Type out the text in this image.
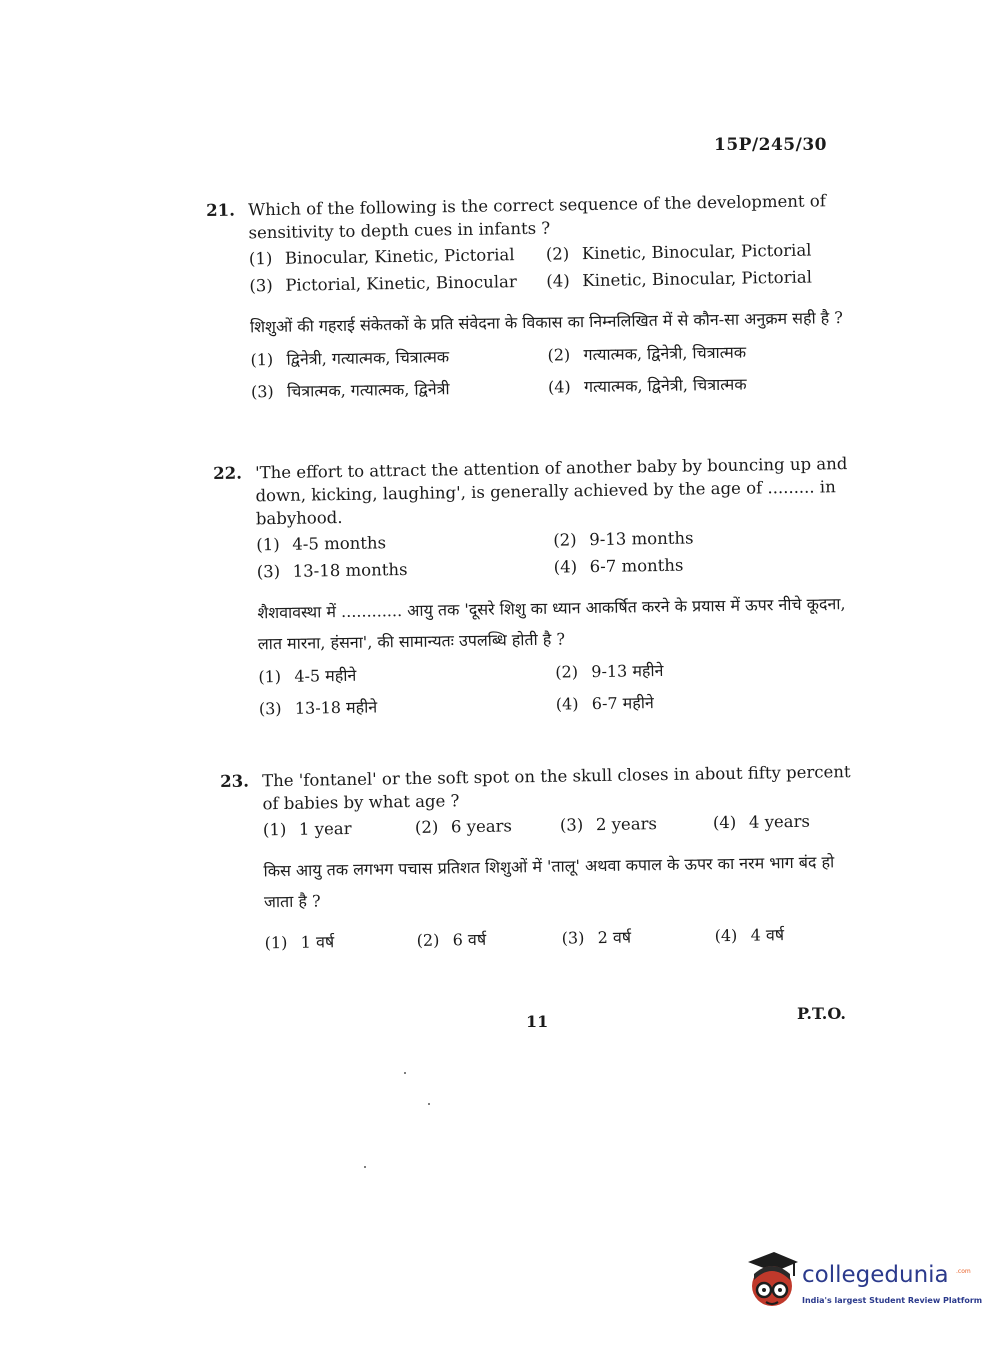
15P/245/30
21. Which of the following is the correct sequence of the development of sensitivity to depth cues in infants ?
(1) Binocular, Kinetic, Pictorial	(2) Kinetic, Binocular, Pictorial
(3) Pictorial, Kinetic, Binocular	(4) Kinetic, Binocular, Pictorial
शिशुओं की गहराई संकेतकों के प्रति संवेदना के विकास का निम्नलिखित में से कौन-सा अनुक्रम सही है ?
(1) द्विनेत्री, गत्यात्मक, चित्रात्मक	(2) गत्यात्मक, द्विनेत्री, चित्रात्मक
(3) चित्रात्मक, गत्यात्मक, द्विनेत्री	(4) गत्यात्मक, द्विनेत्री, चित्रात्मक
22. 'The effort to attract the attention of another baby by bouncing up and down, kicking, laughing', is generally achieved by the age of ......... in babyhood.
(1) 4-5 months	(2) 9-13 months
(3) 13-18 months	(4) 6-7 months
शैशवावस्था में ............ आयु तक 'दूसरे शिशु का ध्यान आकर्षित करने के प्रयास में ऊपर नीचे कूदना, लात मारना, हंसना', की सामान्यतः उपलब्धि होती है ?
(1) 4-5 महीने	(2) 9-13 महीने
(3) 13-18 महीने	(4) 6-7 महीने
23. The 'fontanel' or the soft spot on the skull closes in about fifty percent of babies by what age ?
(1) 1 year	(2) 6 years	(3) 2 years	(4) 4 years
किस आयु तक लगभग पचास प्रतिशत शिशुओं में 'तालू' अथवा कपाल के ऊपर का नरम भाग बंद हो जाता है ?
(1) 1 वर्ष	(2) 6 वर्ष	(3) 2 वर्ष	(4) 4 वर्ष
11	P.T.O.
collegedunia .com
India's largest Student Review Platform
